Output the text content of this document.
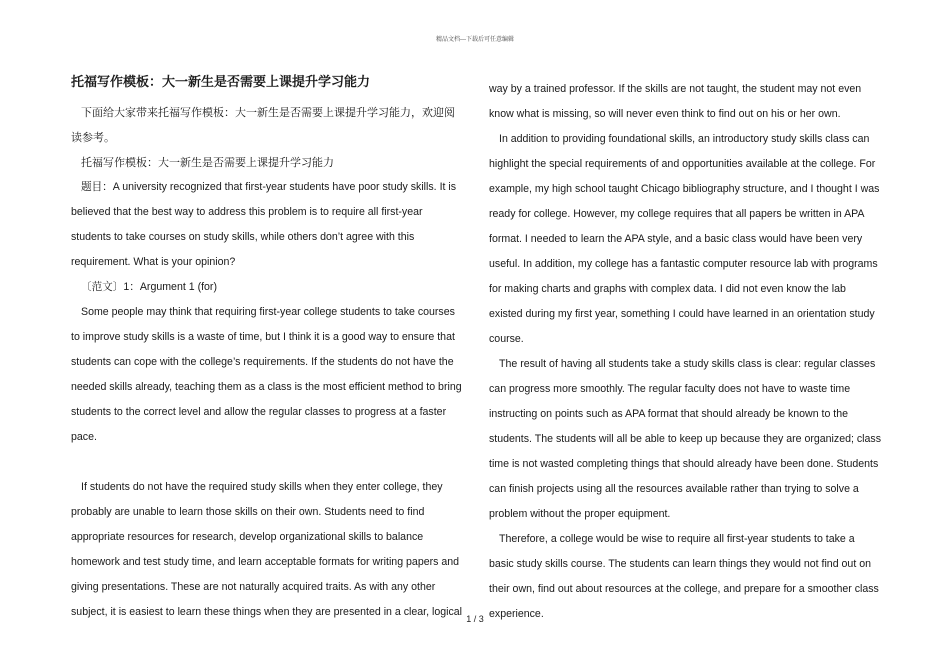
精品文档---下载后可任意编辑
托福写作模板：大一新生是否需要上课提升学习能力

下面给大家带来托福写作模板：大一新生是否需要上课提升学习能力，欢迎阅读参考。

托福写作模板：大一新生是否需要上课提升学习能力

题目：A university recognized that first-year students have poor study skills. It is believed that the best way to address this problem is to require all first-year students to take courses on study skills, while others don’t agree with this requirement. What is your opinion?

〔范文〕1：Argument 1 (for)

Some people may think that requiring first-year college students to take courses to improve study skills is a waste of time, but I think it is a good way to ensure that students can cope with the college’s requirements. If the students do not have the needed skills already, teaching them as a class is the most efficient method to bring students to the correct level and allow the regular classes to progress at a faster pace.

If students do not have the required study skills when they enter college, they probably are unable to learn those skills on their own. Students need to find appropriate resources for research, develop organizational skills to balance homework and test study time, and learn acceptable formats for writing papers and giving presentations. These are not naturally acquired traits. As with any other subject, it is easiest to learn these things when they are presented in a clear, logical

way by a trained professor. If the skills are not taught, the student may not even know what is missing, so will never even think to find out on his or her own.

In addition to providing foundational skills, an introductory study skills class can highlight the special requirements of and opportunities available at the college. For example, my high school taught Chicago bibliography structure, and I thought I was ready for college. However, my college requires that all papers be written in APA format. I needed to learn the APA style, and a basic class would have been very useful. In addition, my college has a fantastic computer resource lab with programs for making charts and graphs with complex data. I did not even know the lab existed during my first year, something I could have learned in an orientation study course.

The result of having all students take a study skills class is clear: regular classes can progress more smoothly. The regular faculty does not have to waste time instructing on points such as APA format that should already be known to the students. The students will all be able to keep up because they are organized; class time is not wasted completing things that should already have been done. Students can finish projects using all the resources available rather than trying to solve a problem without the proper equipment.

Therefore, a college would be wise to require all first-year students to take a basic study skills course. The students can learn things they would not find out on their own, find out about resources at the college, and prepare for a smoother class experience.

1 / 3
